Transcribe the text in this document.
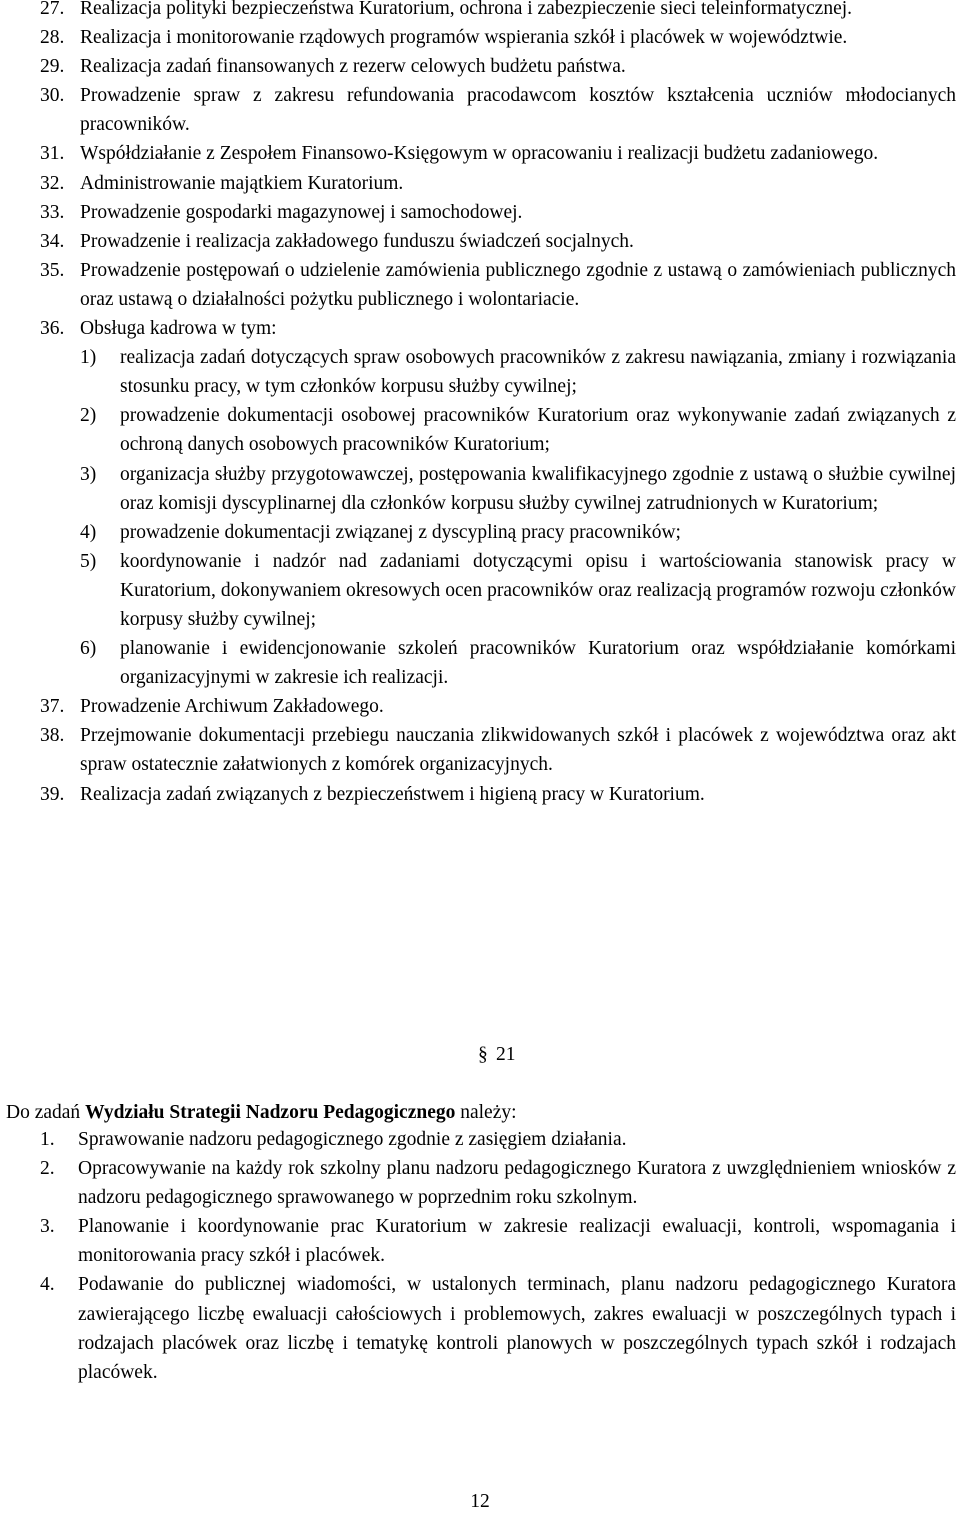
27. Realizacja polityki bezpieczeństwa Kuratorium, ochrona i zabezpieczenie sieci teleinformatycznej.
28. Realizacja i monitorowanie rządowych programów wspierania szkół i placówek w województwie.
29. Realizacja zadań finansowanych z rezerw celowych budżetu państwa.
30. Prowadzenie spraw z zakresu refundowania pracodawcom kosztów kształcenia uczniów młodocianych pracowników.
31. Współdziałanie z Zespołem Finansowo-Księgowym w opracowaniu i realizacji budżetu zadaniowego.
32. Administrowanie majątkiem Kuratorium.
33. Prowadzenie gospodarki magazynowej i samochodowej.
34. Prowadzenie i realizacja zakładowego funduszu świadczeń socjalnych.
35. Prowadzenie postępowań o udzielenie zamówienia publicznego zgodnie z ustawą o zamówieniach publicznych oraz ustawą o działalności pożytku publicznego i wolontariacie.
36. Obsługa kadrowa w tym:
1)	realizacja zadań dotyczących spraw osobowych pracowników z zakresu nawiązania, zmiany i rozwiązania stosunku pracy, w tym członków korpusu służby cywilnej;
2)	prowadzenie dokumentacji osobowej pracowników Kuratorium oraz wykonywanie zadań związanych z ochroną danych osobowych pracowników Kuratorium;
3)	organizacja służby przygotowawczej, postępowania kwalifikacyjnego zgodnie z ustawą o służbie cywilnej oraz komisji dyscyplinarnej dla członków korpusu służby cywilnej zatrudnionych w Kuratorium;
4)	prowadzenie dokumentacji związanej z dyscypliną pracy pracowników;
5)	koordynowanie i nadzór nad zadaniami dotyczącymi opisu i wartościowania stanowisk pracy w Kuratorium, dokonywaniem okresowych ocen pracowników oraz realizacją programów rozwoju członków korpusy służby cywilnej;
6)	planowanie i ewidencjonowanie szkoleń pracowników Kuratorium oraz współdziałanie komórkami organizacyjnymi w zakresie ich realizacji.
37. Prowadzenie Archiwum Zakładowego.
38. Przejmowanie dokumentacji przebiegu nauczania zlikwidowanych szkół i placówek z województwa oraz akt spraw ostatecznie załatwionych z komórek organizacyjnych.
39. Realizacja zadań związanych z bezpieczeństwem i higieną pracy w Kuratorium.
§ 21
Do zadań Wydziału Strategii Nadzoru Pedagogicznego należy:
1.	Sprawowanie nadzoru pedagogicznego zgodnie z zasięgiem działania.
2.	Opracowywanie na każdy rok szkolny planu nadzoru pedagogicznego Kuratora z uwzględnieniem wniosków z nadzoru pedagogicznego sprawowanego w poprzednim roku szkolnym.
3.	Planowanie i koordynowanie prac Kuratorium w zakresie realizacji ewaluacji, kontroli, wspomagania i monitorowania pracy szkół i placówek.
4.	Podawanie do publicznej wiadomości, w ustalonych terminach, planu nadzoru pedagogicznego Kuratora zawierającego liczbę ewaluacji całościowych i problemowych, zakres ewaluacji w poszczególnych typach i rodzajach placówek oraz liczbę i tematykę kontroli planowych w poszczególnych typach szkół i rodzajach placówek.
12
